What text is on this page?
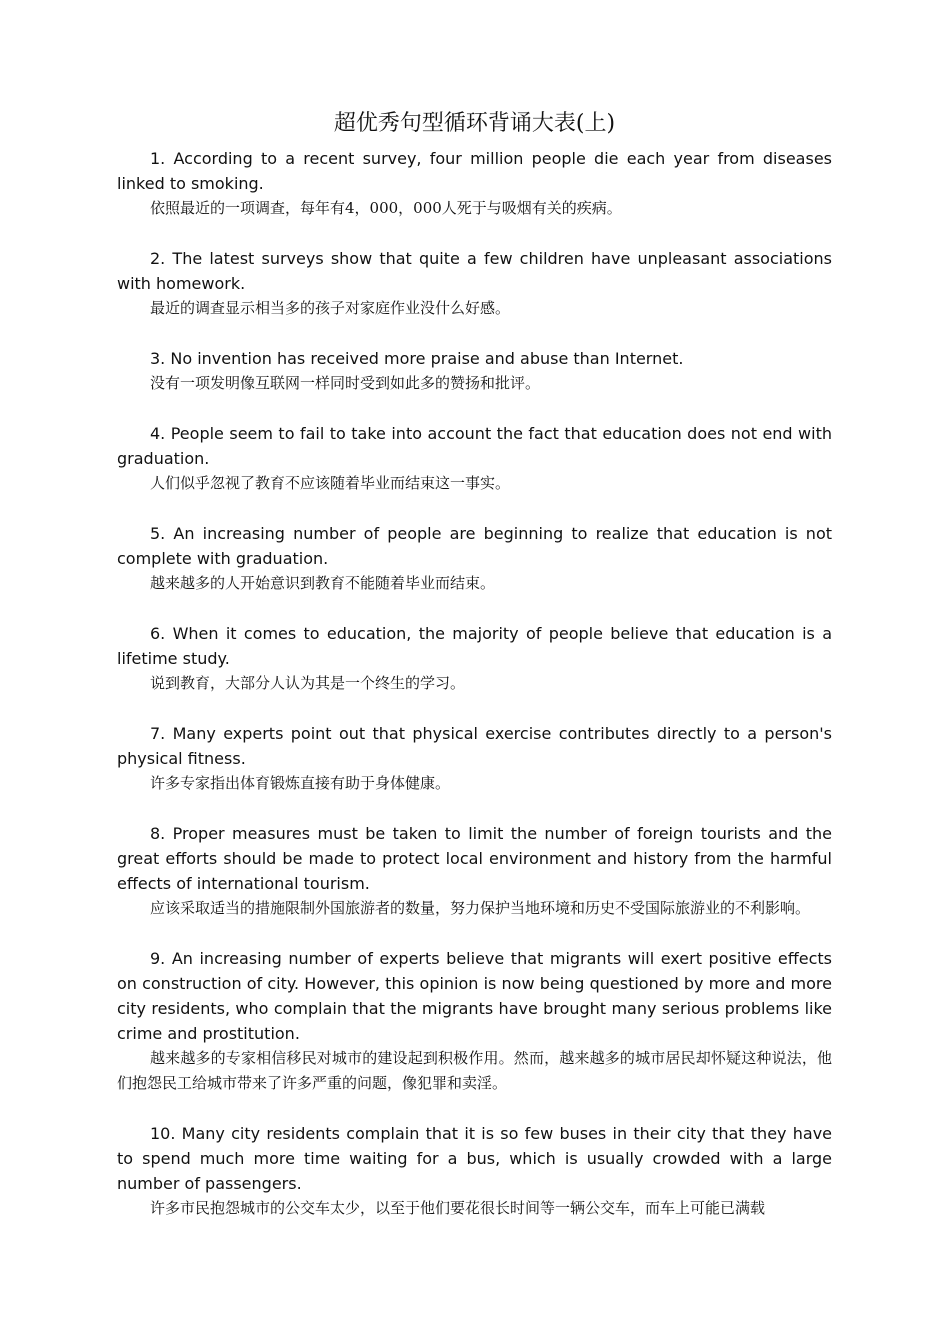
超优秀句型循环背诵大表(上)

1. According to a recent survey, four million people die each year from diseases linked to smoking.

依照最近的一项调查，每年有4，000，000人死于与吸烟有关的疾病。

2. The latest surveys show that quite a few children have unpleasant associations with homework.

最近的调查显示相当多的孩子对家庭作业没什么好感。

3. No invention has received more praise and abuse than Internet.

没有一项发明像互联网一样同时受到如此多的赞扬和批评。

4. People seem to fail to take into account the fact that education does not end with graduation.

人们似乎忽视了教育不应该随着毕业而结束这一事实。

5. An increasing number of people are beginning to realize that education is not complete with graduation.

越来越多的人开始意识到教育不能随着毕业而结束。

6. When it comes to education, the majority of people believe that education is a lifetime study.

说到教育，大部分人认为其是一个终生的学习。

7. Many experts point out that physical exercise contributes directly to a person's physical fitness.

许多专家指出体育锻炼直接有助于身体健康。

8. Proper measures must be taken to limit the number of foreign tourists and the great efforts should be made to protect local environment and history from the harmful effects of international tourism.

应该采取适当的措施限制外国旅游者的数量，努力保护当地环境和历史不受国际旅游业的不利影响。

9. An increasing number of experts believe that migrants will exert positive effects on construction of city. However, this opinion is now being questioned by more and more city residents, who complain that the migrants have brought many serious problems like crime and prostitution.

越来越多的专家相信移民对城市的建设起到积极作用。然而，越来越多的城市居民却怀疑这种说法，他们抱怨民工给城市带来了许多严重的问题，像犯罪和卖淫。

10. Many city residents complain that it is so few buses in their city that they have to spend much more time waiting for a bus, which is usually crowded with a large number of passengers.

许多市民抱怨城市的公交车太少，以至于他们要花很长时间等一辆公交车，而车上可能已满载
